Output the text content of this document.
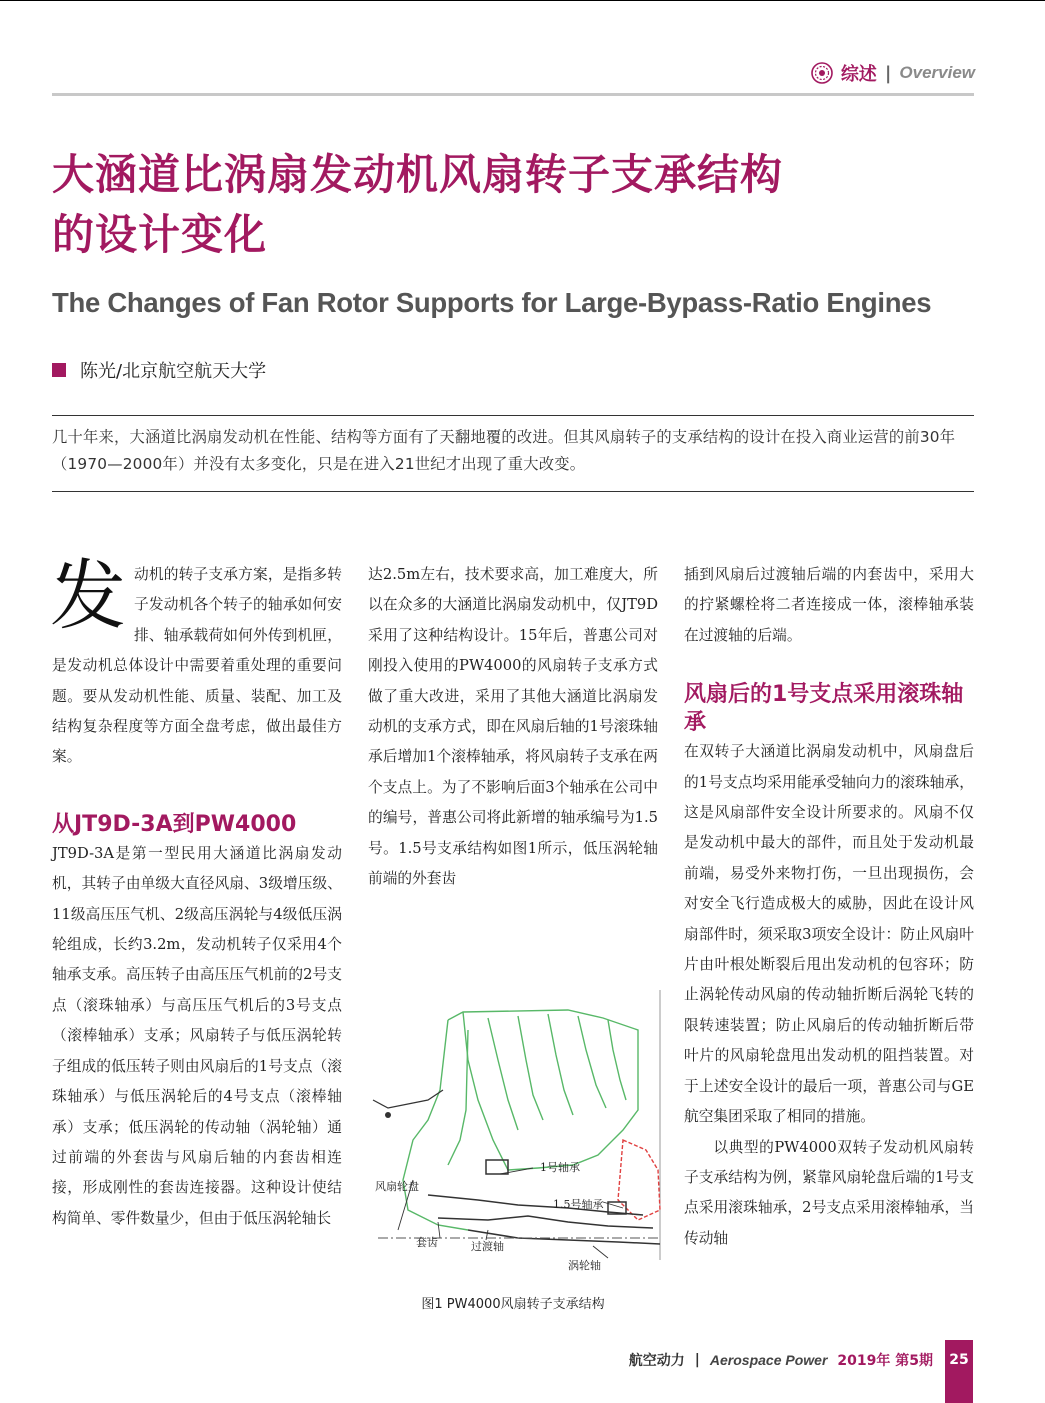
综述 | Overview
大涵道比涡扇发动机风扇转子支承结构
的设计变化
The Changes of Fan Rotor Supports for Large-Bypass-Ratio Engines
陈光/北京航空航天大学

几十年来，大涵道比涡扇发动机在性能、结构等方面有了天翻地覆的改进。但其风扇转子的支承结构的设计在投入商业运营的前30年（1970—2000年）并没有太多变化，只是在进入21世纪才出现了重大改变。

发动机的转子支承方案，是指多转子发动机各个转子的轴承如何安排、轴承载荷如何外传到机匣，是发动机总体设计中需要着重处理的重要问题。要从发动机性能、质量、装配、加工及结构复杂程度等方面全盘考虑，做出最佳方案。

从JT9D-3A到PW4000

JT9D-3A是第一型民用大涵道比涡扇发动机，其转子由单级大直径风扇、3级增压级、11级高压压气机、2级高压涡轮与4级低压涡轮组成，长约3.2m，发动机转子仅采用4个轴承支承。高压转子由高压压气机前的2号支点（滚珠轴承）与高压压气机后的3号支点（滚棒轴承）支承；风扇转子与低压涡轮转子组成的低压转子则由风扇后的1号支点（滚珠轴承）与低压涡轮后的4号支点（滚棒轴承）支承；低压涡轮的传动轴（涡轮轴）通过前端的外套齿与风扇后轴的内套齿相连接，形成刚性的套齿连接器。这种设计使结构简单、零件数量少，但由于低压涡轮轴长

达2.5m左右，技术要求高，加工难度大，所以在众多的大涵道比涡扇发动机中，仅JT9D采用了这种结构设计。15年后，普惠公司对刚投入使用的PW4000的风扇转子支承方式做了重大改进，采用了其他大涵道比涡扇发动机的支承方式，即在风扇后轴的1号滚珠轴承后增加1个滚棒轴承，将风扇转子支承在两个支点上。为了不影响后面3个轴承在公司中的编号，普惠公司将此新增的轴承编号为1.5号。1.5号支承结构如图1所示，低压涡轮轴前端的外套齿

1号轴承
1.5号轴承
风扇轮盘
套齿	过渡轴
涡轮轴
图1 PW4000风扇转子支承结构

插到风扇后过渡轴后端的内套齿中，采用大的拧紧螺栓将二者连接成一体，滚棒轴承装在过渡轴的后端。

风扇后的1号支点采用滚珠轴承

在双转子大涵道比涡扇发动机中，风扇盘后的1号支点均采用能承受轴向力的滚珠轴承，这是风扇部件安全设计所要求的。风扇不仅是发动机中最大的部件，而且处于发动机最前端，易受外来物打伤，一旦出现损伤，会对安全飞行造成极大的威胁，因此在设计风扇部件时，须采取3项安全设计：防止风扇叶片由叶根处断裂后甩出发动机的包容环；防止涡轮传动风扇的传动轴折断后涡轮飞转的限转速装置；防止风扇后的传动轴折断后带叶片的风扇轮盘甩出发动机的阻挡装置。对于上述安全设计的最后一项，普惠公司与GE航空集团采取了相同的措施。

以典型的PW4000双转子发动机风扇转子支承结构为例，紧靠风扇轮盘后端的1号支点采用滚珠轴承，2号支点采用滚棒轴承，当传动轴

航空动力 | Aerospace Power 2019年 第5期	25
